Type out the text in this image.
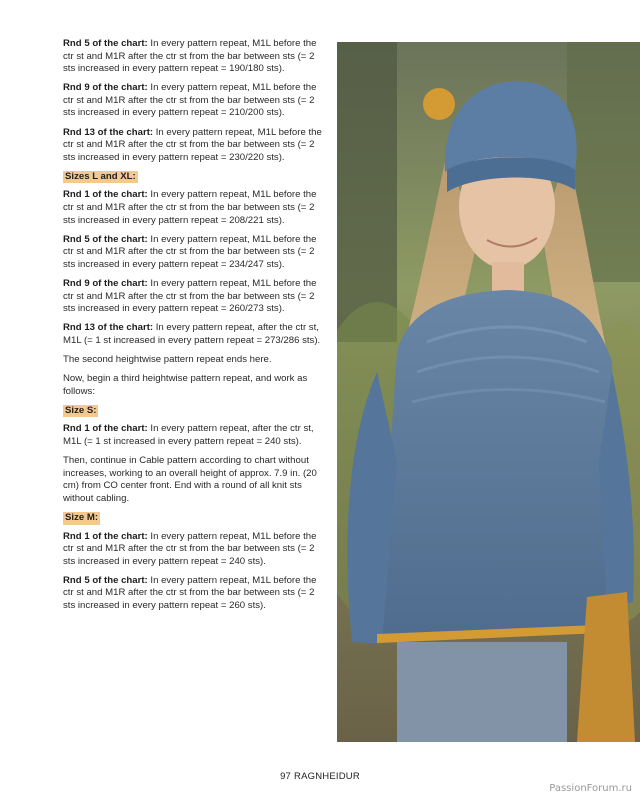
Rnd 5 of the chart: In every pattern repeat, M1L before the ctr st and M1R after the ctr st from the bar between sts (= 2 sts increased in every pattern repeat = 190/180 sts).

Rnd 9 of the chart: In every pattern repeat, M1L before the ctr st and M1R after the ctr st from the bar between sts (= 2 sts increased in every pattern repeat = 210/200 sts).

Rnd 13 of the chart: In every pattern repeat, M1L before the ctr st and M1R after the ctr st from the bar between sts (= 2 sts increased in every pattern repeat = 230/220 sts).

Sizes L and XL:

Rnd 1 of the chart: In every pattern repeat, M1L before the ctr st and M1R after the ctr st from the bar between sts (= 2 sts increased in every pattern repeat = 208/221 sts).

Rnd 5 of the chart: In every pattern repeat, M1L before the ctr st and M1R after the ctr st from the bar between sts (= 2 sts increased in every pattern repeat = 234/247 sts).

Rnd 9 of the chart: In every pattern repeat, M1L before the ctr st and M1R after the ctr st from the bar between sts (= 2 sts increased in every pattern repeat = 260/273 sts).

Rnd 13 of the chart: In every pattern repeat, after the ctr st, M1L (= 1 st increased in every pattern repeat = 273/286 sts).

The second heightwise pattern repeat ends here.

Now, begin a third heightwise pattern repeat, and work as follows:

Size S:

Rnd 1 of the chart: In every pattern repeat, after the ctr st, M1L (= 1 st increased in every pattern repeat = 240 sts).

Then, continue in Cable pattern according to chart without increases, working to an overall height of approx. 7.9 in. (20 cm) from CO center front. End with a round of all knit sts without cabling.

Size M:

Rnd 1 of the chart: In every pattern repeat, M1L before the ctr st and M1R after the ctr st from the bar between sts (= 2 sts increased in every pattern repeat = 240 sts).

Rnd 5 of the chart: In every pattern repeat, M1L before the ctr st and M1R after the ctr st from the bar between sts (= 2 sts increased in every pattern repeat = 260 sts).

97 RAGNHEIDUR
PassionForum.ru
